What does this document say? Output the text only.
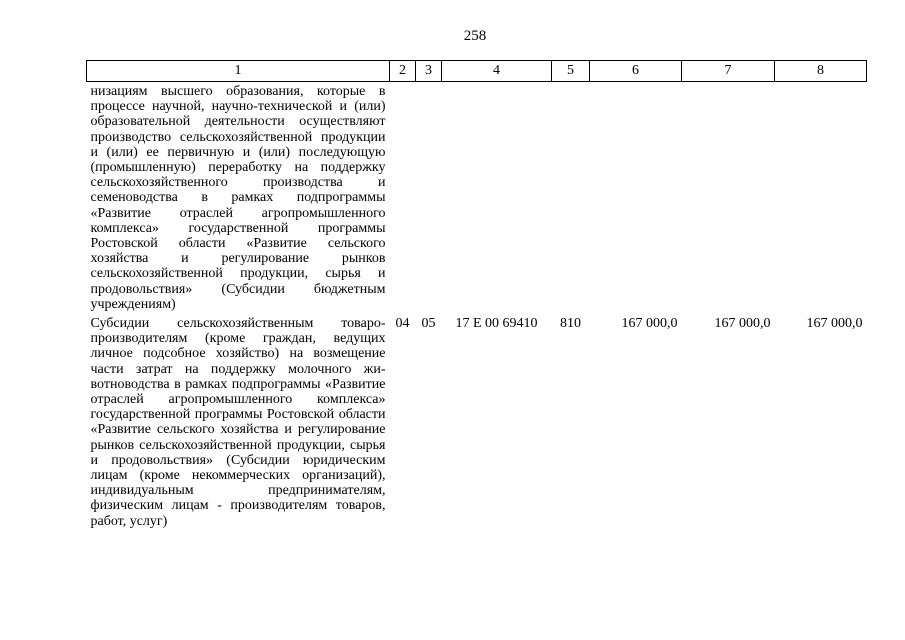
258
1	2	3	4	5	6	7	8
низациям высшего образования, которые в процессе научной, научно-технической и (или) образовательной деятельности осуществляют производство сельскохозяйственной продукции и (или) ее первичную и (или) последующую (промышленную) переработку на поддержку сельскохозяйственного производства и семеноводства в рамках подпрограммы «Развитие отраслей агропромышленного комплекса» государственной программы Ростовской области «Развитие сельского хозяйства и регулирование рынков сельскохозяйственной продукции, сырья и продовольствия» (Субсидии бюджетным учреждениям)							
Субсидии сельскохозяйственным товаропроизводителям (кроме граждан, ведущих личное подсобное хозяйство) на возмещение части затрат на поддержку молочного животноводства в рамках подпрограммы «Развитие отраслей агропромышленного комплекса» государственной программы Ростовской области «Развитие сельского хозяйства и регулирование рынков сельскохозяйственной продукции, сырья и продовольствия» (Субсидии юридическим лицам (кроме некоммерческих организаций), индивидуальным предпринимателям, физическим лицам - производителям товаров, работ, услуг)	04	05	17 Е 00 69410	810	167 000,0	167 000,0	167 000,0
